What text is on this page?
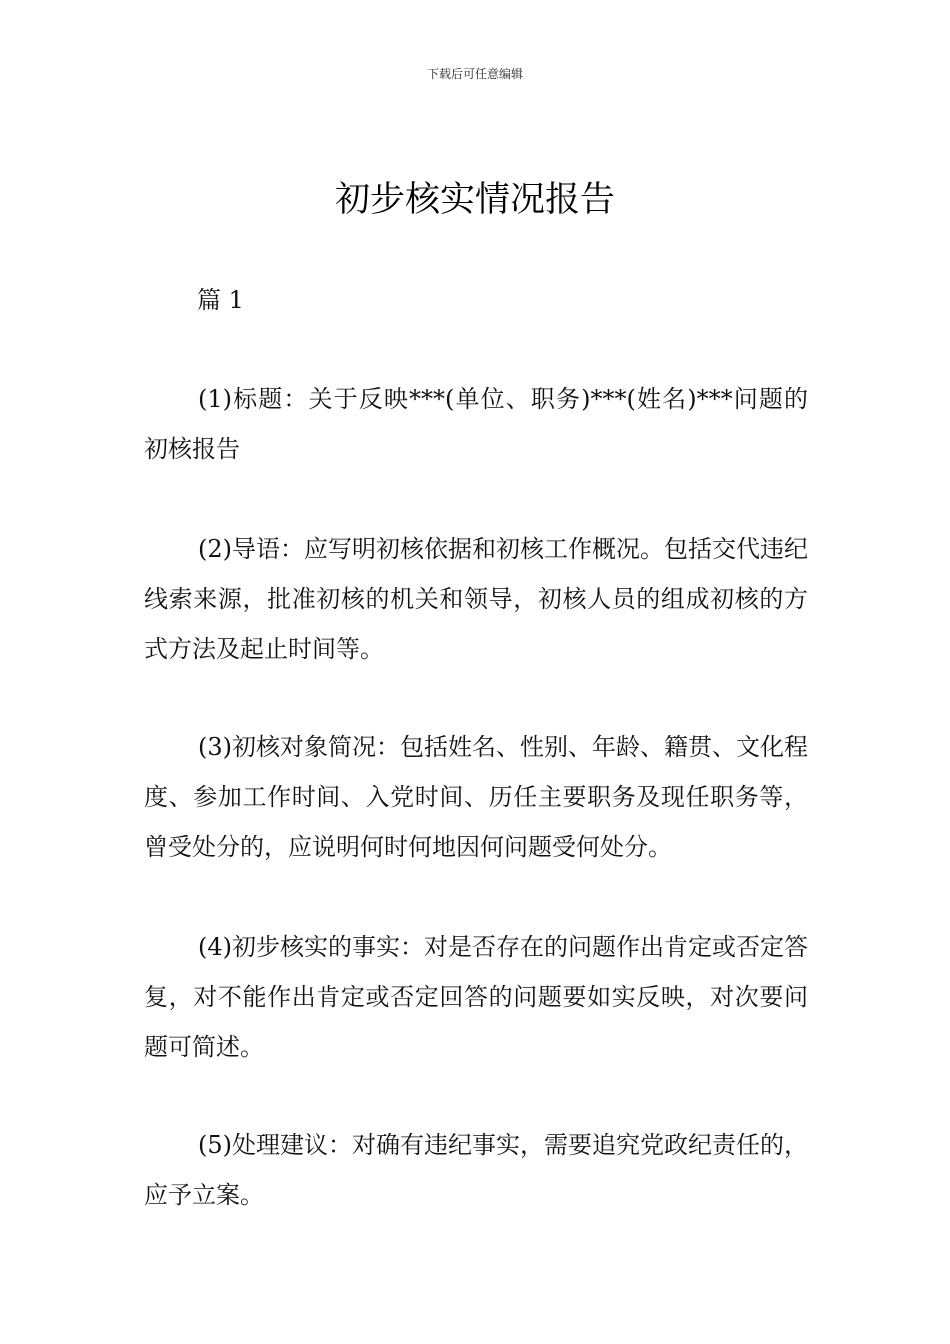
下载后可任意编辑
初步核实情况报告
篇 1

(1)标题：关于反映***(单位、职务)***(姓名)***问题的初核报告

(2)导语：应写明初核依据和初核工作概况。包括交代违纪线索来源，批准初核的机关和领导，初核人员的组成初核的方式方法及起止时间等。

(3)初核对象简况：包括姓名、性别、年龄、籍贯、文化程度、参加工作时间、入党时间、历任主要职务及现任职务等，曾受处分的，应说明何时何地因何问题受何处分。

(4)初步核实的事实：对是否存在的问题作出肯定或否定答复，对不能作出肯定或否定回答的问题要如实反映，对次要问题可简述。

(5)处理建议：对确有违纪事实，需要追究党政纪责任的，应予立案。
